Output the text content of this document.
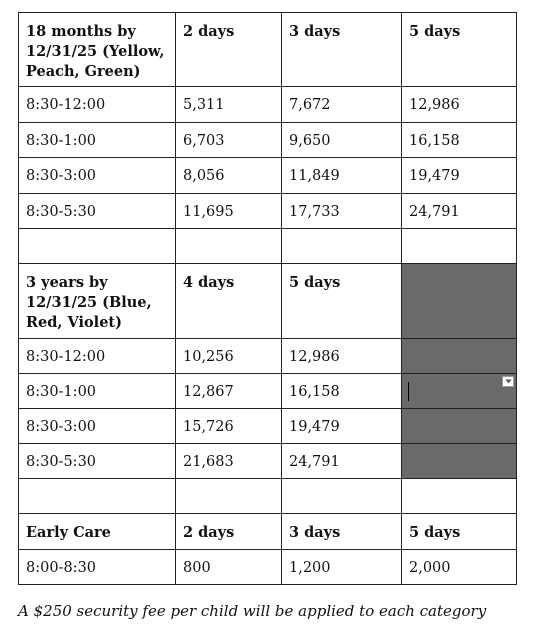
18 months by 12/31/25 (Yellow, Peach, Green)	2 days	3 days	5 days
8:30-12:00	5,311	7,672	12,986
8:30-1:00	6,703	9,650	16,158
8:30-3:00	8,056	11,849	19,479
8:30-5:30	11,695	17,733	24,791

3 years by 12/31/25 (Blue, Red, Violet)	4 days	5 days	
8:30-12:00	10,256	12,986	
8:30-1:00	12,867	16,158	

8:30-3:00	15,726	19,479	
8:30-5:30	21,683	24,791	

Early Care	2 days	3 days	5 days
8:00-8:30	800	1,200	2,000
A $250 security fee per child will be applied to each category
